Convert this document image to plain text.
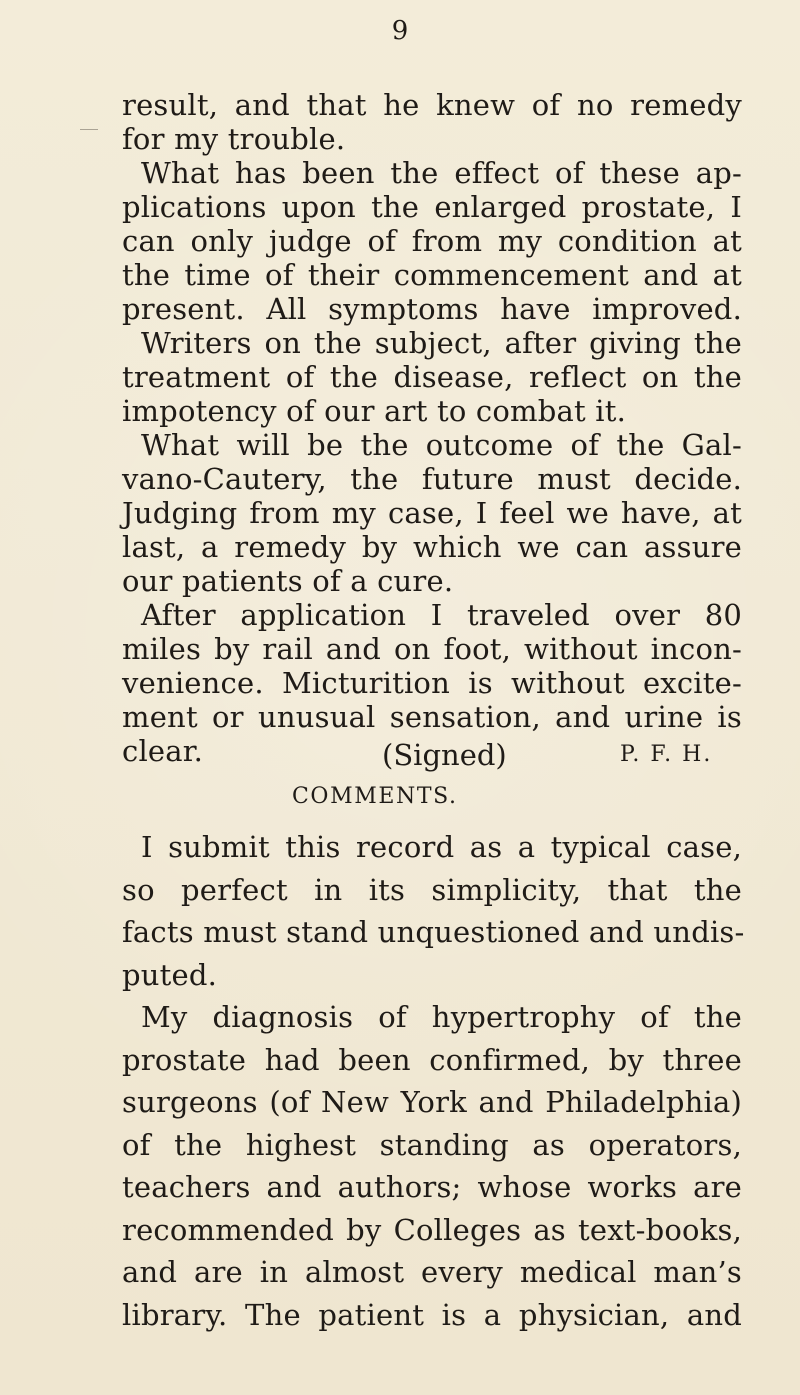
9
result, and that he knew of no remedy
for my trouble.
What has been the effect of these ap-
plications upon the enlarged prostate, I
can only judge of from my condition at
the time of their commencement and at
present. All symptoms have improved.
Writers on the subject, after giving the
treatment of the disease, reflect on the
impotency of our art to combat it.
What will be the outcome of the Gal-
vano-Cautery, the future must decide.
Judging from my case, I feel we have, at
last, a remedy by which we can assure
our patients of a cure.
After application I traveled over 80
miles by rail and on foot, without incon-
venience. Micturition is without excite-
ment or unusual sensation, and urine is
clear.	(Signed)	P. F. H.
COMMENTS.
I submit this record as a typical case,
so perfect in its simplicity, that the
facts must stand unquestioned and undis-
puted.
My diagnosis of hypertrophy of the
prostate had been confirmed, by three
surgeons (of New York and Philadelphia)
of the highest standing as operators,
teachers and authors; whose works are
recommended by Colleges as text-books,
and are in almost every medical man’s
library. The patient is a physician, and
